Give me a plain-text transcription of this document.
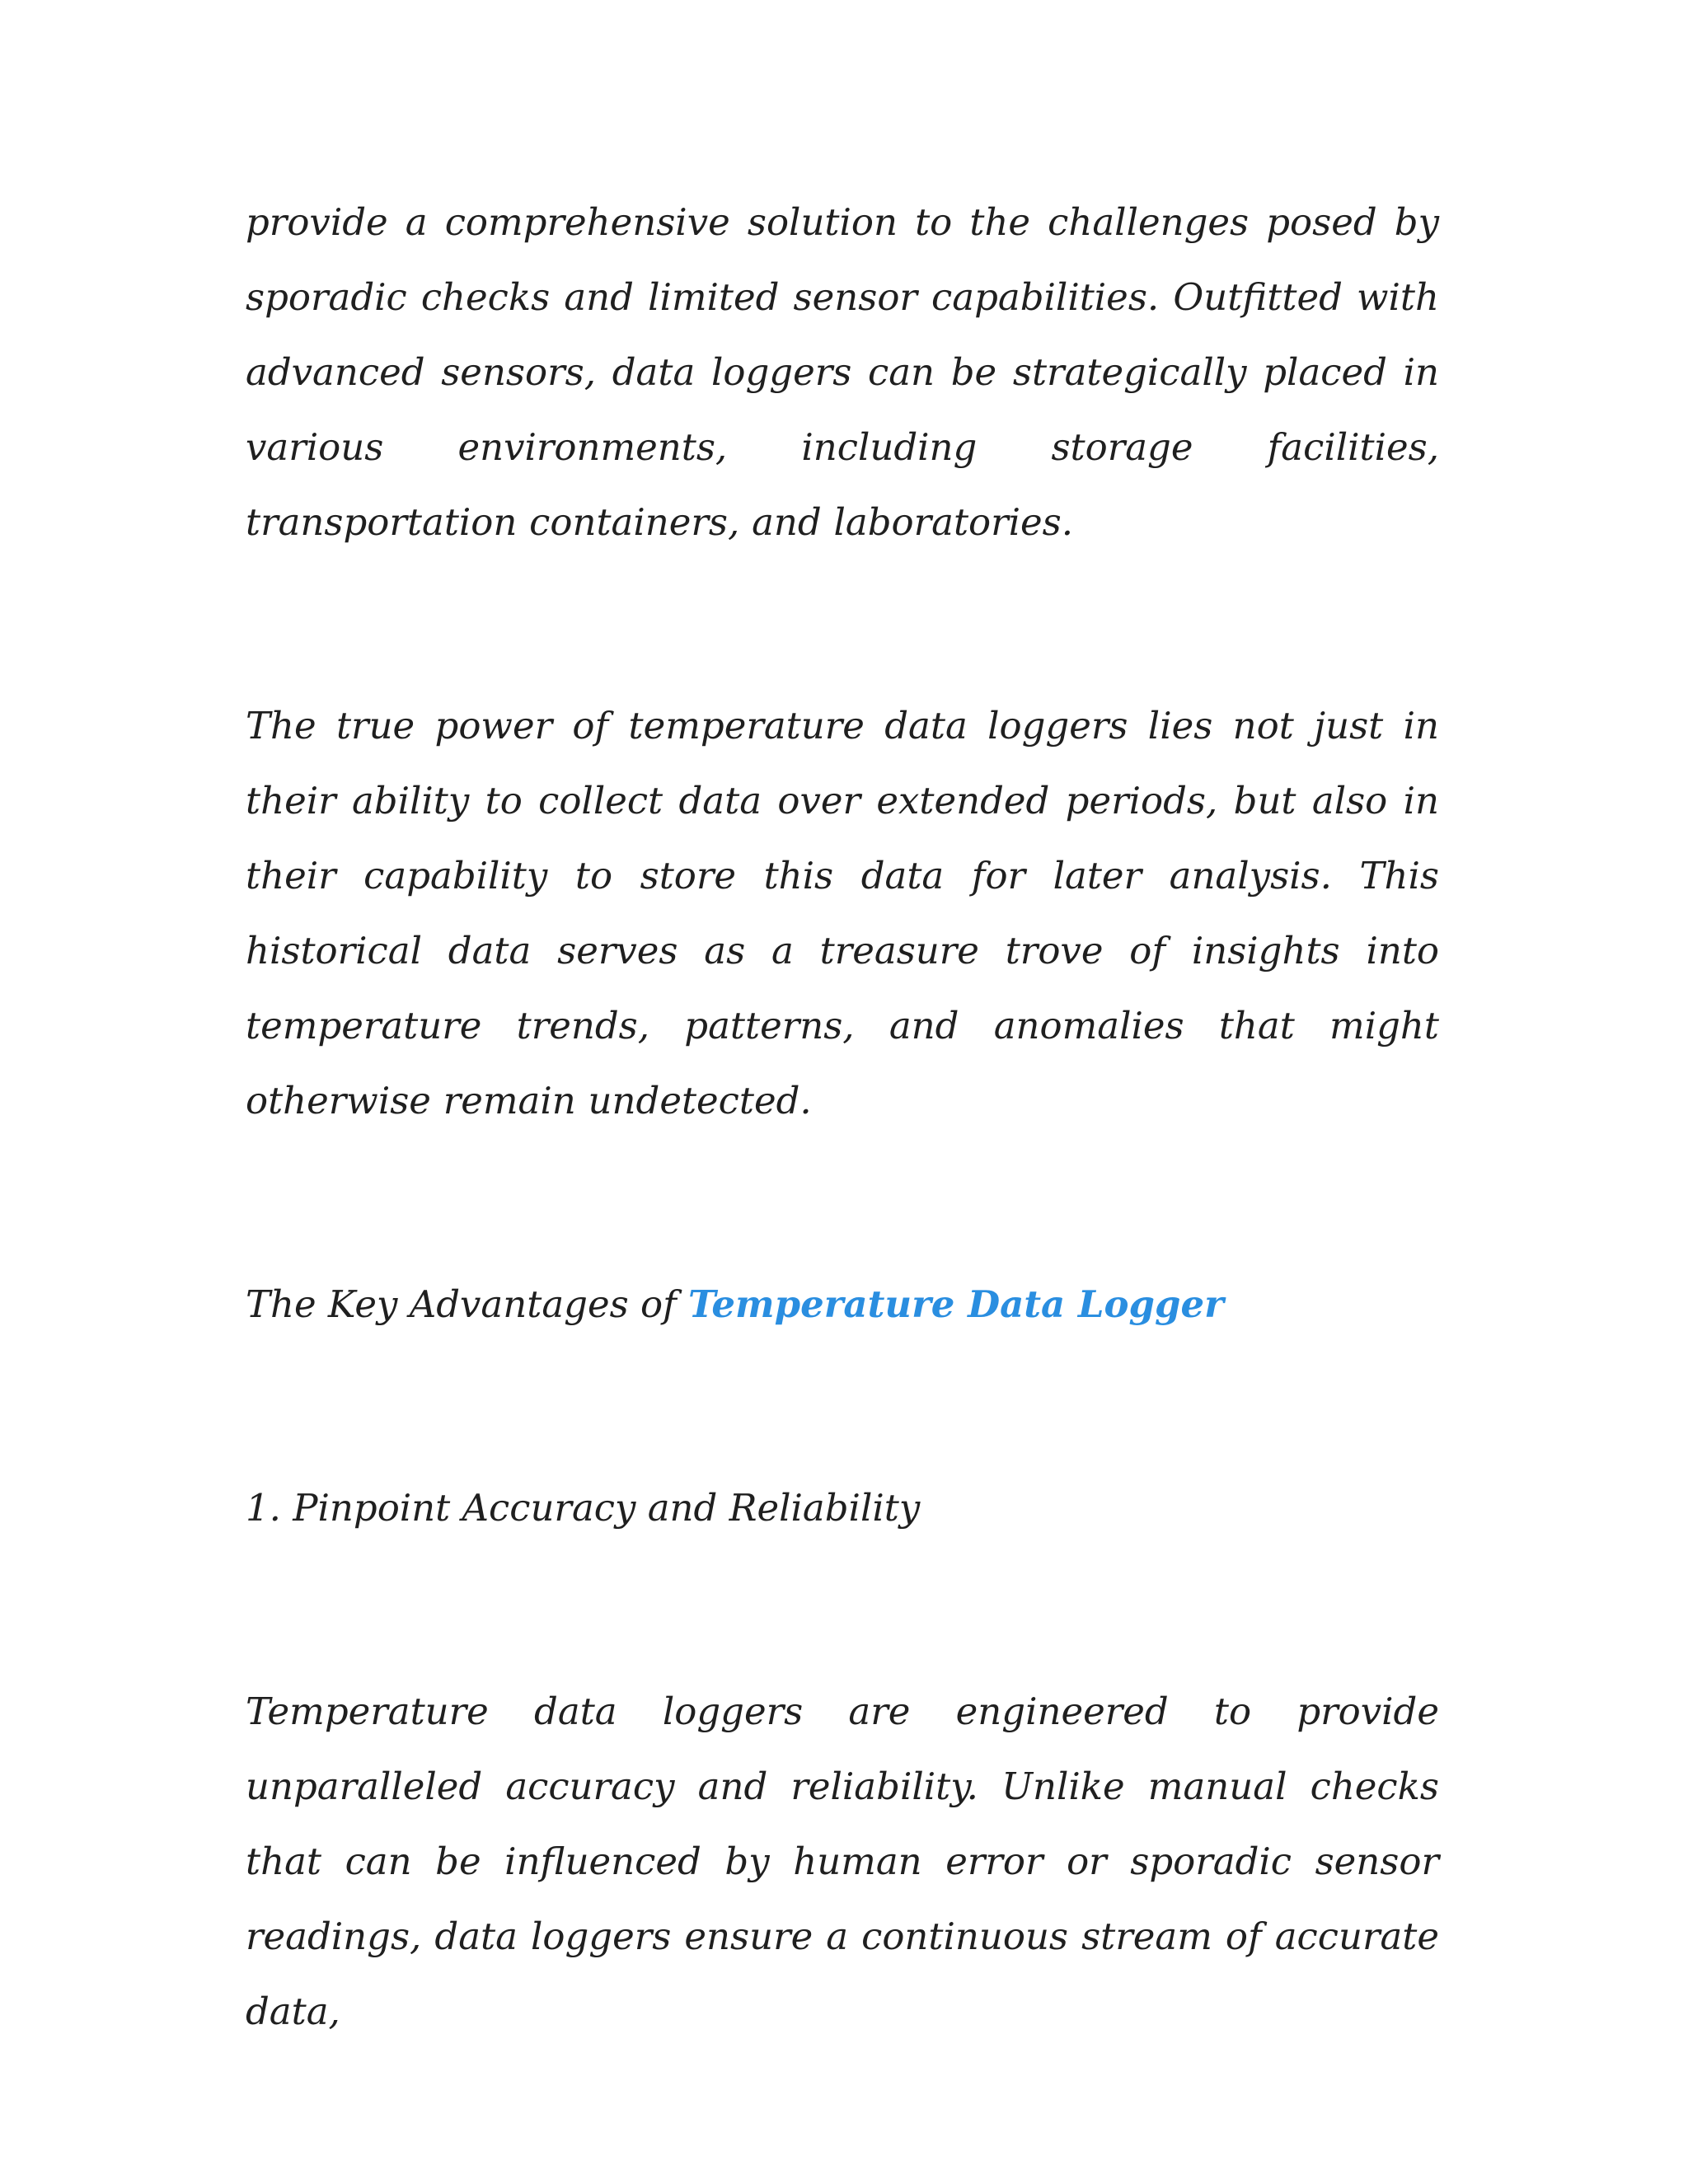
provide a comprehensive solution to the challenges posed by sporadic checks and limited sensor capabilities. Outfitted with advanced sensors, data loggers can be strategically placed in various environments, including storage facilities, transportation containers, and laboratories.

The true power of temperature data loggers lies not just in their ability to collect data over extended periods, but also in their capability to store this data for later analysis. This historical data serves as a treasure trove of insights into temperature trends, patterns, and anomalies that might otherwise remain undetected.

The Key Advantages of Temperature Data Logger

1. Pinpoint Accuracy and Reliability

Temperature data loggers are engineered to provide unparalleled accuracy and reliability. Unlike manual checks that can be influenced by human error or sporadic sensor readings, data loggers ensure a continuous stream of accurate data,
